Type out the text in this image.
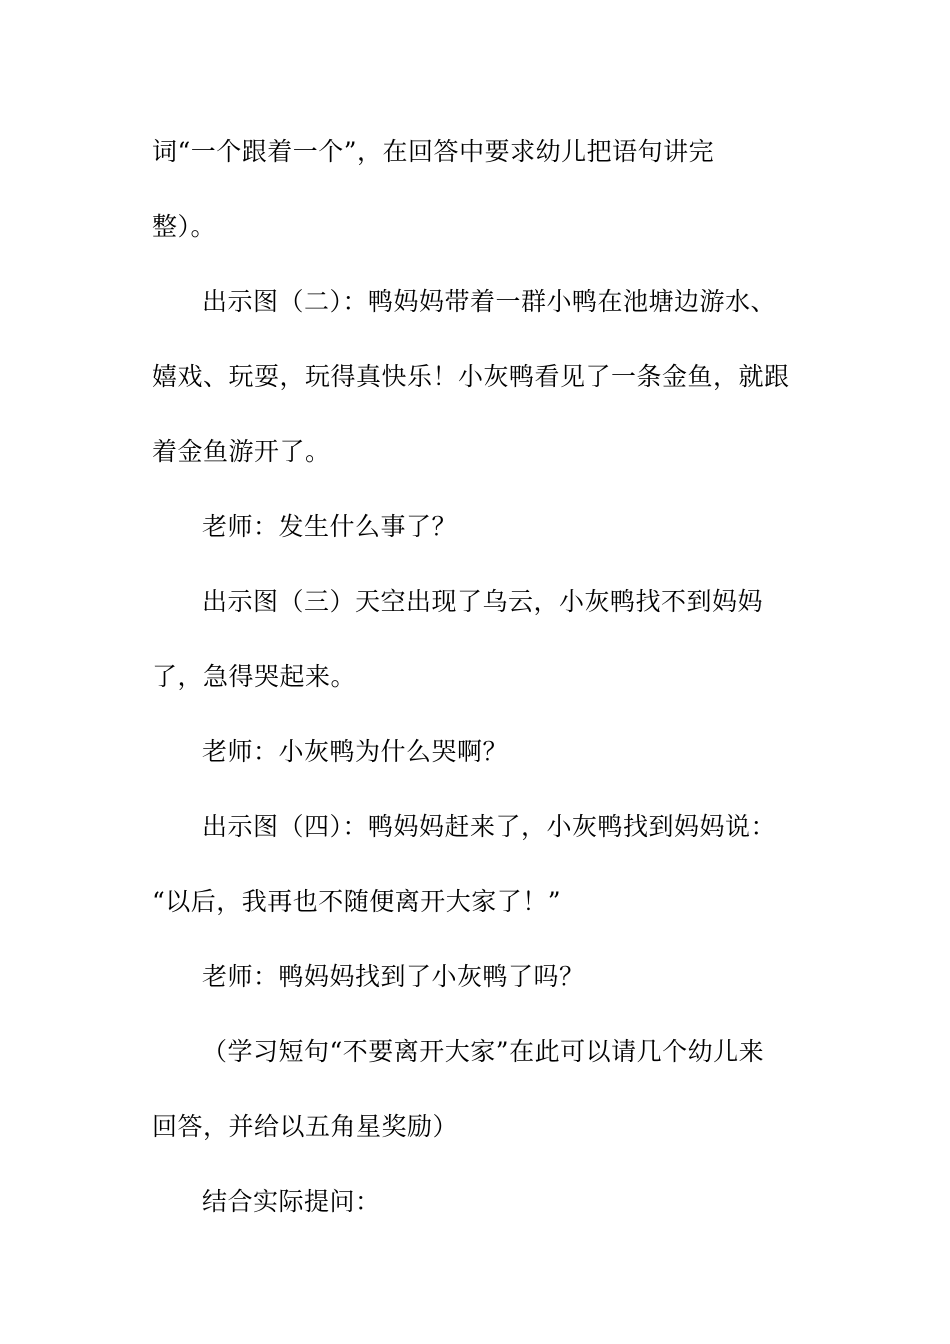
词“一个跟着一个”，在回答中要求幼儿把语句讲完
整）。
出示图（二）：鸭妈妈带着一群小鸭在池塘边游水、
嬉戏、玩耍，玩得真快乐！小灰鸭看见了一条金鱼，就跟
着金鱼游开了。
老师：发生什么事了？
出示图（三）天空出现了乌云，小灰鸭找不到妈妈
了，急得哭起来。
老师：小灰鸭为什么哭啊？
出示图（四）：鸭妈妈赶来了，小灰鸭找到妈妈说：
“以后，我再也不随便离开大家了！”
老师：鸭妈妈找到了小灰鸭了吗？
（学习短句“不要离开大家”在此可以请几个幼儿来
回答，并给以五角星奖励）
结合实际提问：
